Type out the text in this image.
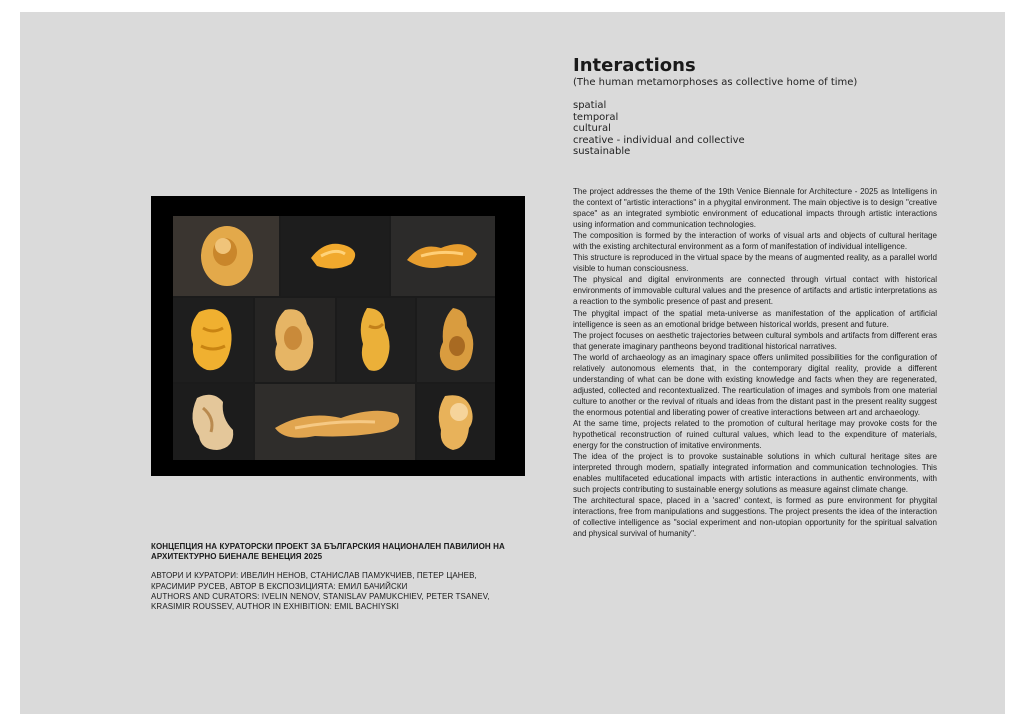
КОНЦЕПЦИЯ НА КУРАТОРСКИ ПРОЕКТ ЗА БЪЛГАРСКИЯ НАЦИОНАЛЕН ПАВИЛИОН НА

АРХИТЕКТУРНО БИЕНАЛЕ ВЕНЕЦИЯ 2025

АВТОРИ И КУРАТОРИ: ИВЕЛИН НЕНОВ, СТАНИСЛАВ ПАМУКЧИЕВ, ПЕТЕР ЦАНЕВ,

КРАСИМИР РУСЕВ, АВТОР В ЕКСПОЗИЦИЯТА: ЕМИЛ БАЧИЙСКИ

AUTHORS AND CURATORS: IVELIN NENOV, STANISLAV PAMUKCHIEV, PETER TSANEV,

KRASIMIR ROUSSEV, AUTHOR IN EXHIBITION: EMIL BACHIYSKI

Interactions

(The human metamorphoses as collective home of time)

spatial
temporal
cultural
creative - individual and collective
sustainable

The project addresses the theme of the 19th Venice Biennale for Architecture - 2025 as Intelligens in the context of "artistic interactions" in a phygital environment. The main objective is to design "creative space" as an integrated symbiotic environment of educational impacts through artistic interactions using information and communication technologies.

The composition is formed by the interaction of works of visual arts and objects of cultural heritage with the existing architectural environment as a form of manifestation of individual intelligence.

This structure is reproduced in the virtual space by the means of augmented reality, as a parallel world visible to human consciousness.

The physical and digital environments are connected through virtual contact with historical environments of immovable cultural values and the presence of artifacts and artistic interpretations as a reaction to the symbolic presence of past and present.

The phygital impact of the spatial meta-universe as manifestation of the application of artificial intelligence is seen as an emotional bridge between historical worlds, present and future.

The project focuses on aesthetic trajectories between cultural symbols and artifacts from different eras that generate imaginary pantheons beyond traditional historical narratives.

The world of archaeology as an imaginary space offers unlimited possibilities for the configuration of relatively autonomous elements that, in the contemporary digital reality, provide a different understanding of what can be done with existing knowledge and facts when they are regenerated, adjusted, collected and recontextualized. The rearticulation of images and symbols from one material culture to another or the revival of rituals and ideas from the distant past in the present reality suggest the enormous potential and liberating power of creative interactions between art and archaeology.

At the same time, projects related to the promotion of cultural heritage may provoke costs for the hypothetical reconstruction of ruined cultural values, which lead to the expenditure of materials, energy for the construction of imitative environments.

The idea of the project is to provoke sustainable solutions in which cultural heritage sites are interpreted through modern, spatially integrated information and communication technologies. This enables multifaceted educational impacts with artistic interactions in authentic environments, with such projects contributing to sustainable energy solutions as measure against climate change.

The architectural space, placed in a 'sacred' context, is formed as pure environment for phygital interactions, free from manipulations and suggestions. The project presents the idea of the interaction of collective intelligence as "social experiment and non-utopian opportunity for the spiritual salvation and physical survival of humanity".
